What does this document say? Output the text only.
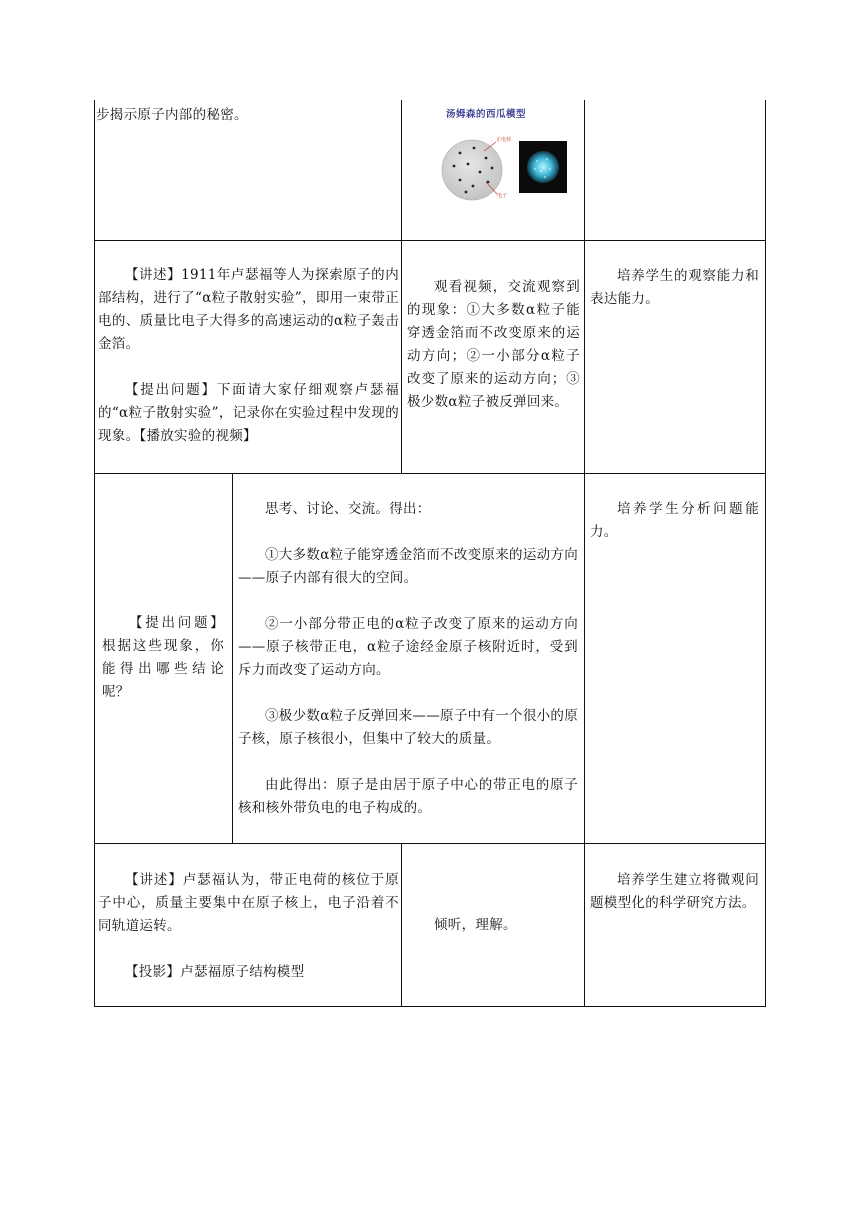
步揭示原子内部的秘密。	汤姆森的西瓜模型
正电荷
电子

【讲述】1911年卢瑟福等人为探索原子的内部结构，进行了“α粒子散射实验”，即用一束带正电的、质量比电子大得多的高速运动的α粒子轰击金箔。

【提出问题】下面请大家仔细观察卢瑟福的“α粒子散射实验”，记录你在实验过程中发现的现象。【播放实验的视频】

观看视频，交流观察到的现象：①大多数α粒子能穿透金箔而不改变原来的运动方向；②一小部分α粒子改变了原来的运动方向；③极少数α粒子被反弹回来。

培养学生的观察能力和表达能力。

【提出问题】根据这些现象，你能得出哪些结论呢？

思考、讨论、交流。得出：

①大多数α粒子能穿透金箔而不改变原来的运动方向——原子内部有很大的空间。

②一小部分带正电的α粒子改变了原来的运动方向——原子核带正电，α粒子途经金原子核附近时，受到斥力而改变了运动方向。

③极少数α粒子反弹回来——原子中有一个很小的原子核，原子核很小，但集中了较大的质量。

由此得出：原子是由居于原子中心的带正电的原子核和核外带负电的电子构成的。

培养学生分析问题能力。

【讲述】卢瑟福认为，带正电荷的核位于原子中心，质量主要集中在原子核上，电子沿着不同轨道运转。

【投影】卢瑟福原子结构模型

倾听，理解。

培养学生建立将微观问题模型化的科学研究方法。
